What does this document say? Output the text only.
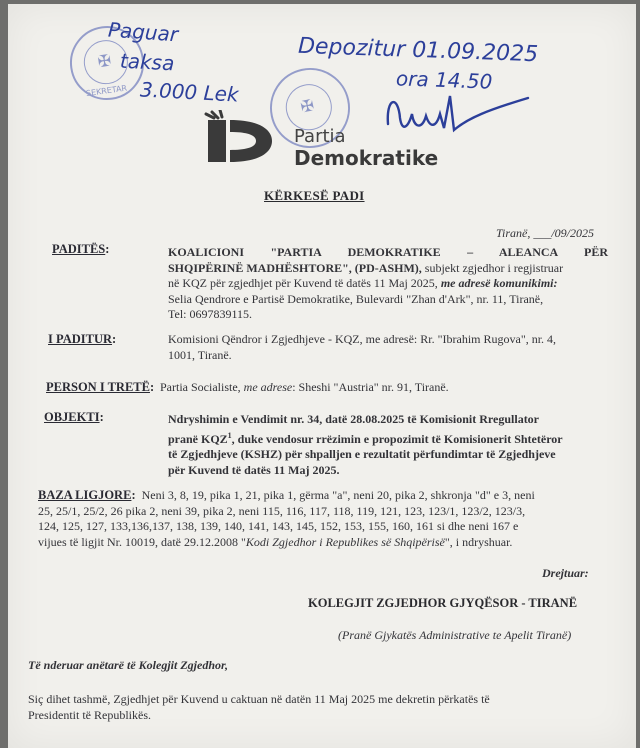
✠
SEKRETAR
Paguar
taksa
3.000 Lek
Depozitur 01.09.2025
ora 14.50
✠
Partia
Demokratike
KËRKESË PADI
Tiranë, ___/09/2025
PADITËS:	KOALICIONI "PARTIA DEMOKRATIKE – ALEANCA PËR
SHQIPËRINË MADHËSHTORE", (PD-ASHM), subjekt zgjedhor i regjistruar
në KQZ për zgjedhjet për Kuvend të datës 11 Maj 2025, me adresë komunikimi:
Selia Qendrore e Partisë Demokratike, Bulevardi "Zhan d'Ark", nr. 11, Tiranë,
Tel: 0697839115.
I PADITUR:	Komisioni Qëndror i Zgjedhjeve - KQZ, me adresë: Rr. "Ibrahim Rugova", nr. 4,
1001, Tiranë.
PERSON I TRETË: Partia Socialiste, me adrese: Sheshi "Austria" nr. 91, Tiranë.
OBJEKTI:	Ndryshimin e Vendimit nr. 34, datë 28.08.2025 të Komisionit Rregullator
pranë KQZ$^1$, duke vendosur rrëzimin e propozimit të Komisionerit Shtetëror
të Zgjedhjeve (KSHZ) për shpalljen e rezultatit përfundimtar të Zgjedhjeve
për Kuvend të datës 11 Maj 2025.
BAZA LIGJORE: Neni 3, 8, 19, pika 1, 21, pika 1, gërma "a", neni 20, pika 2, shkronja "d" e 3, neni
25, 25/1, 25/2, 26 pika 2, neni 39, pika 2, neni 115, 116, 117, 118, 119, 121, 123, 123/1, 123/2, 123/3,
124, 125, 127, 133,136,137, 138, 139, 140, 141, 143, 145, 152, 153, 155, 160, 161 si dhe neni 167 e
vijues të ligjit Nr. 10019, datë 29.12.2008 "Kodi Zgjedhor i Republikes së Shqipërisë", i ndryshuar.
Drejtuar:
KOLEGJIT ZGJEDHOR GJYQËSOR - TIRANË
(Pranë Gjykatës Administrative te Apelit Tiranë)
Të nderuar anëtarë të Kolegjit Zgjedhor,
Siç dihet tashmë, Zgjedhjet për Kuvend u caktuan në datën 11 Maj 2025 me dekretin përkatës të
Presidentit të Republikës.
